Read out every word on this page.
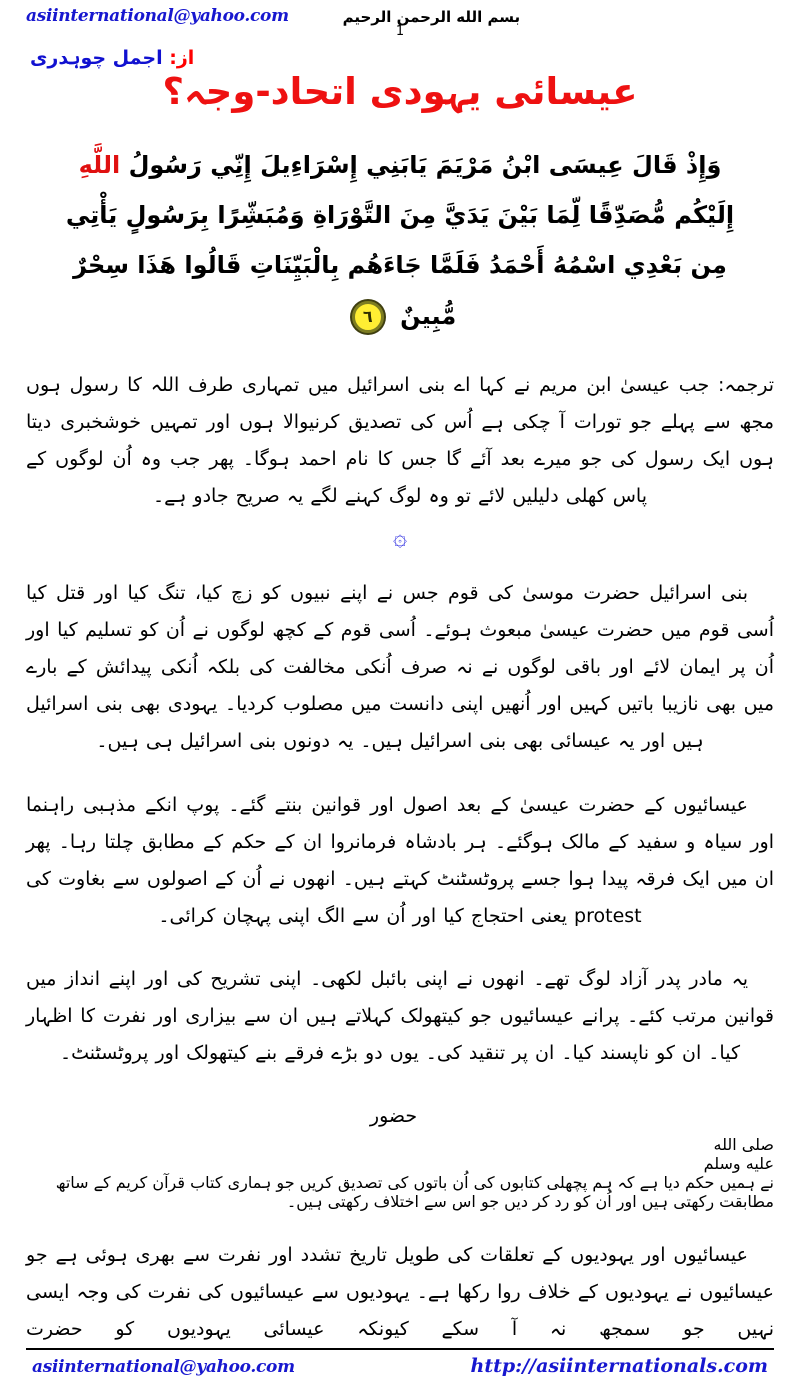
asiinternational@yahoo.com	بسم الله الرحمن الرحيم
1
از: اجمل چوہدری
عیسائی یہودی اتحاد-وجہ؟
وَإِذْ قَالَ عِيسَى ابْنُ مَرْيَمَ يَابَنِي إِسْرَاءِيلَ إِنِّي رَسُولُ اللَّهِ إِلَيْكُم مُّصَدِّقًا لِّمَا بَيْنَ يَدَيَّ مِنَ التَّوْرَاةِ وَمُبَشِّرًا بِرَسُولٍ يَأْتِي مِن بَعْدِي اسْمُهُ أَحْمَدُ فَلَمَّا جَاءَهُم بِالْبَيِّنَاتِ قَالُوا هَذَا سِحْرٌ مُّبِينٌ
٦

ترجمہ: جب عیسیٰ ابن مریم نے کہا اے بنی اسرائیل میں تمہاری طرف اللہ کا رسول ہوں مجھ سے پہلے جو تورات آ چکی ہے اُس کی تصدیق کرنیوالا ہوں اور تمہیں خوشخبری دیتا ہوں ایک رسول کی جو میرے بعد آئے گا جس کا نام احمد ہوگا۔ پھر جب وہ اُن لوگوں کے پاس کھلی دلیلیں لائے تو وہ لوگ کہنے لگے یہ صریح جادو ہے۔

۞

بنی اسرائیل حضرت موسیٰ کی قوم جس نے اپنے نبیوں کو زچ کیا، تنگ کیا اور قتل کیا اُسی قوم میں حضرت عیسیٰ مبعوث ہوئے۔ اُسی قوم کے کچھ لوگوں نے اُن کو تسلیم کیا اور اُن پر ایمان لائے اور باقی لوگوں نے نہ صرف اُنکی مخالفت کی بلکہ اُنکی پیدائش کے بارے میں بھی نازیبا باتیں کہیں اور اُنھیں اپنی دانست میں مصلوب کردیا۔ یہودی بھی بنی اسرائیل ہیں اور یہ عیسائی بھی بنی اسرائیل ہیں۔ یہ دونوں بنی اسرائیل ہی ہیں۔

عیسائیوں کے حضرت عیسیٰ کے بعد اصول اور قوانین بنتے گئے۔ پوپ انکے مذہبی راہنما اور سیاہ و سفید کے مالک ہوگئے۔ ہر بادشاہ فرمانروا ان کے حکم کے مطابق چلتا رہا۔ پھر ان میں ایک فرقہ پیدا ہوا جسے پروٹسٹنٹ کہتے ہیں۔ انھوں نے اُن کے اصولوں سے بغاوت کی protest یعنی احتجاج کیا اور اُن سے الگ اپنی پہچان کرائی۔

یہ مادر پدر آزاد لوگ تھے۔ انھوں نے اپنی بائبل لکھی۔ اپنی تشریح کی اور اپنے انداز میں قوانین مرتب کئے۔ پرانے عیسائیوں جو کیتھولک کہلاتے ہیں ان سے بیزاری اور نفرت کا اظہار کیا۔ ان کو ناپسند کیا۔ ان پر تنقید کی۔ یوں دو بڑے فرقے بنے کیتھولک اور پروٹسٹنٹ۔

حضور

صلى الله
عليه وسلم
نے ہمیں حکم دیا ہے کہ ہم پچھلی کتابوں کی اُن باتوں کی تصدیق کریں جو ہماری کتاب قرآن کریم کے ساتھ مطابقت رکھتی ہیں اور اُن کو رد کر دیں جو اس سے اختلاف رکھتی ہیں۔

عیسائیوں اور یہودیوں کے تعلقات کی طویل تاریخ تشدد اور نفرت سے بھری ہوئی ہے جو عیسائیوں نے یہودیوں کے خلاف روا رکھا ہے۔ یہودیوں سے عیسائیوں کی نفرت کی وجہ ایسی نہیں جو سمجھ نہ آ سکے کیونکہ عیسائی یہودیوں کو حضرت

asiinternational@yahoo.com	http://asiinternationals.com
